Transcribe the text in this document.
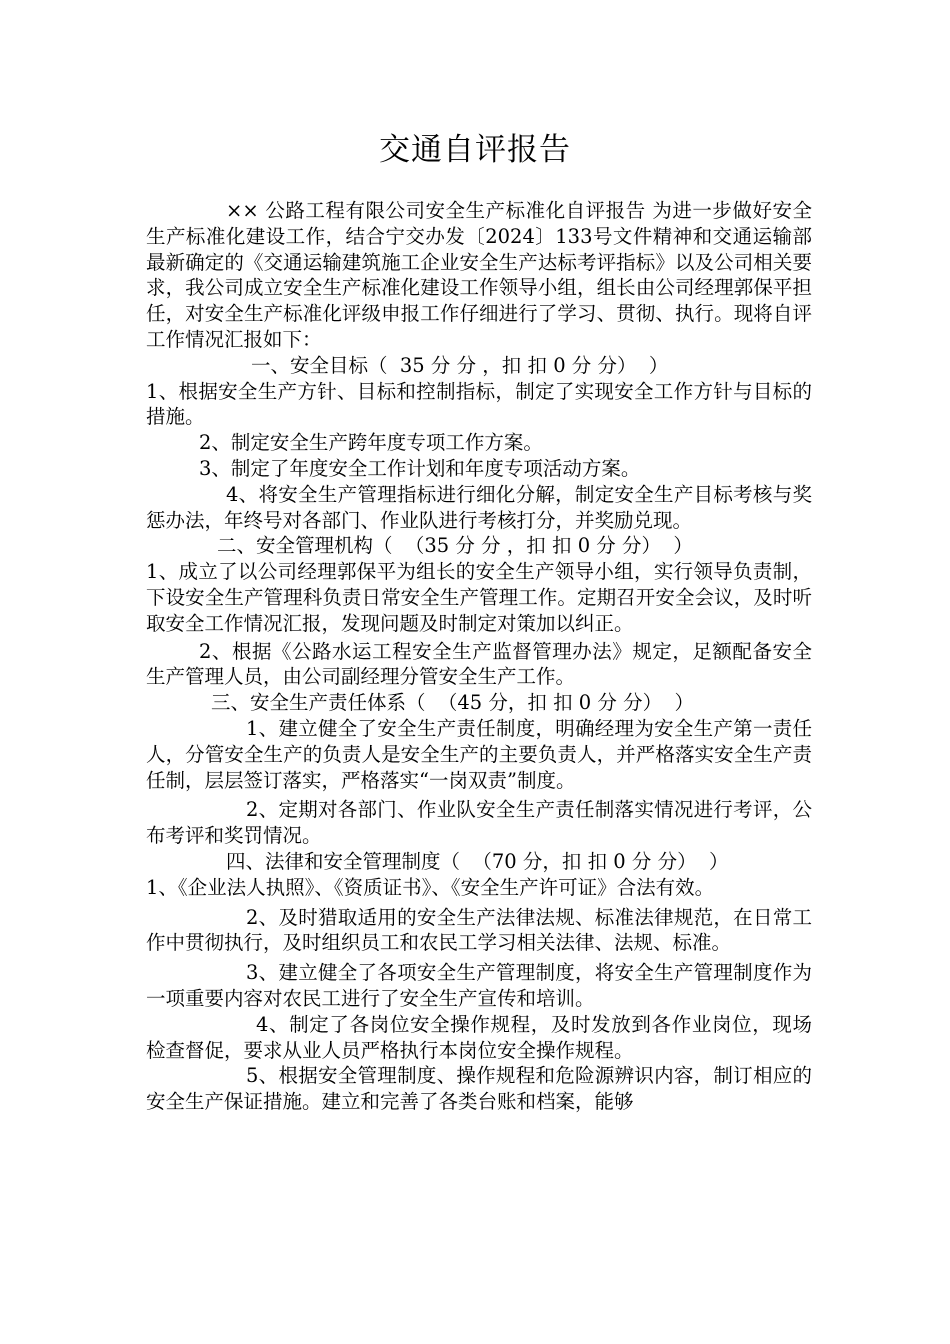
交通自评报告

×× 公路工程有限公司安全生产标准化自评报告 为进一步做好安全生产标准化建设工作，结合宁交办发〔2024〕133号文件精神和交通运输部最新确定的《交通运输建筑施工企业安全生产达标考评指标》以及公司相关要求，我公司成立安全生产标准化建设工作领导小组，组长由公司经理郭保平担任，对安全生产标准化评级申报工作仔细进行了学习、贯彻、执行。现将自评工作情况汇报如下：

一、安全目标（  35 分 分 ，扣 扣 0 分 分）  ）

1、根据安全生产方针、目标和控制指标，制定了实现安全工作方针与目标的措施。

2、制定安全生产跨年度专项工作方案。

3、制定了年度安全工作计划和年度专项活动方案。

4、将安全生产管理指标进行细化分解，制定安全生产目标考核与奖惩办法，年终号对各部门、作业队进行考核打分，并奖励兑现。

二、安全管理机构（  （35 分 分 ，扣 扣 0 分 分）  ）

1、成立了以公司经理郭保平为组长的安全生产领导小组，实行领导负责制，下设安全生产管理科负责日常安全生产管理工作。定期召开安全会议，及时听取安全工作情况汇报，发现问题及时制定对策加以纠正。

2、根据《公路水运工程安全生产监督管理办法》规定，足额配备安全生产管理人员，由公司副经理分管安全生产工作。

三、安全生产责任体系（  （45 分，扣 扣 0 分 分）  ）

1、建立健全了安全生产责任制度，明确经理为安全生产第一责任人，分管安全生产的负责人是安全生产的主要负责人，并严格落实安全生产责任制，层层签订落实，严格落实“一岗双责”制度。

2、定期对各部门、作业队安全生产责任制落实情况进行考评，公布考评和奖罚情况。

四、法律和安全管理制度（  （70 分，扣 扣 0 分 分）  ）

1、《企业法人执照》、《资质证书》、《安全生产许可证》合法有效。

2、及时猎取适用的安全生产法律法规、标准法律规范，在日常工作中贯彻执行，及时组织员工和农民工学习相关法律、法规、标准。

3、建立健全了各项安全生产管理制度，将安全生产管理制度作为一项重要内容对农民工进行了安全生产宣传和培训。

4、制定了各岗位安全操作规程，及时发放到各作业岗位，现场检查督促，要求从业人员严格执行本岗位安全操作规程。

5、根据安全管理制度、操作规程和危险源辨识内容，制订相应的安全生产保证措施。建立和完善了各类台账和档案，能够
